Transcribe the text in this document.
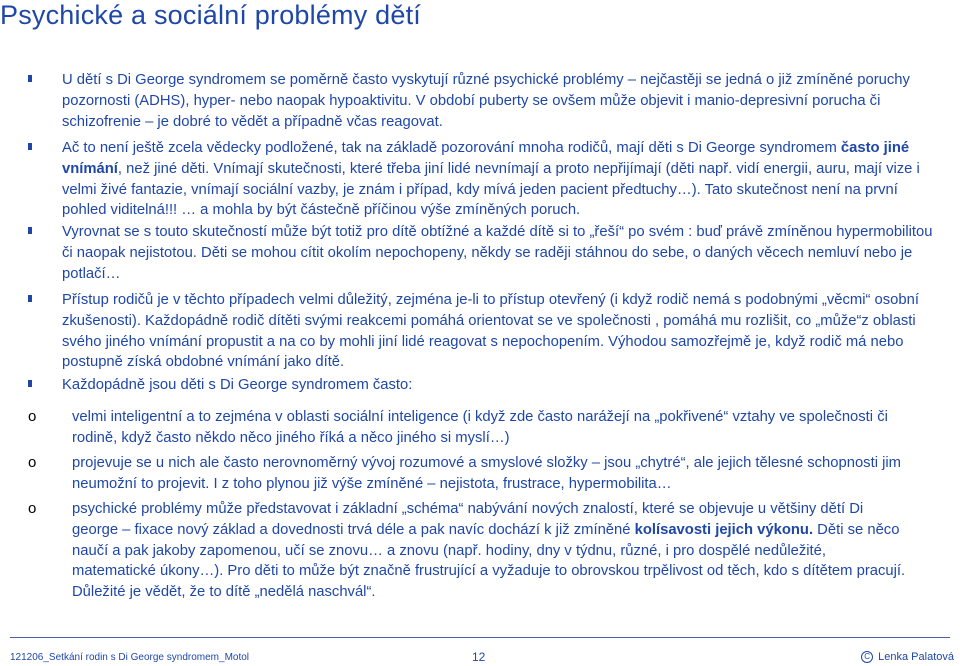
Psychické a sociální problémy dětí
U dětí s Di George syndromem se poměrně často vyskytují různé psychické problémy – nejčastěji se jedná o již zmíněné poruchy pozornosti (ADHS), hyper- nebo naopak hypoaktivitu. V období puberty se ovšem může objevit i manio-depresivní porucha či schizofrenie – je dobré to vědět a případně včas reagovat.
Ač to není ještě zcela vědecky podložené, tak na základě pozorování mnoha rodičů, mají děti s Di George syndromem často jiné vnímání, než jiné děti. Vnímají skutečnosti, které třeba jiní lidé nevnímají a proto nepřijímají (děti např. vidí energii, auru, mají vize i velmi živé fantazie, vnímají sociální vazby, je znám i případ, kdy mívá jeden pacient předtuchy…). Tato skutečnost není na první pohled viditelná!!! … a mohla by být částečně příčinou výše zmíněných poruch.
Vyrovnat se s touto skutečností může být totiž pro dítě obtížné a každé dítě si to „řeší“ po svém : buď právě zmíněnou hypermobilitou či naopak nejistotou. Děti se mohou cítit okolím nepochopeny, někdy se raději stáhnou do sebe, o daných věcech nemluví nebo je potlačí…
Přístup rodičů je v těchto případech velmi důležitý, zejména je-li to přístup otevřený (i když rodič nemá s podobnými „věcmi“ osobní zkušenosti). Každopádně rodič dítěti svými reakcemi pomáhá orientovat se ve společnosti , pomáhá mu rozlišit, co „může“z oblasti svého jiného vnímání propustit a na co by mohli jiní lidé reagovat s nepochopením. Výhodou samozřejmě je, když rodič má nebo postupně získá obdobné vnímání jako dítě.
Každopádně jsou děti s Di George syndromem často:
o velmi inteligentní a to zejména v oblasti sociální inteligence (i když zde často narážejí na „pokřivené“ vztahy ve společnosti či rodině, když často někdo něco jiného říká a něco jiného si myslí…)
o projevuje se u nich ale často nerovnoměrný vývoj rozumové a smyslové složky – jsou „chytré“, ale jejich tělesné schopnosti jim neumožní to projevit. I z toho plynou již výše zmíněné – nejistota, frustrace, hypermobilita…
o psychické problémy může představovat i základní „schéma“ nabývání nových znalostí, které se objevuje u většiny dětí Di george – fixace nový základ a dovednosti trvá déle a pak navíc dochází k již zmíněné kolísavosti jejich výkonu. Děti se něco naučí a pak jakoby zapomenou, učí se znovu… a znovu (např. hodiny, dny v týdnu, různé, i pro dospělé nedůležité, matematické úkony…). Pro děti to může být značně frustrující a vyžaduje to obrovskou trpělivost od těch, kdo s dítětem pracují. Důležité je vědět, že to dítě „nedělá naschvál“.
121206_Setkání rodin s Di George syndromem_Motol	12	C Lenka Palatová
